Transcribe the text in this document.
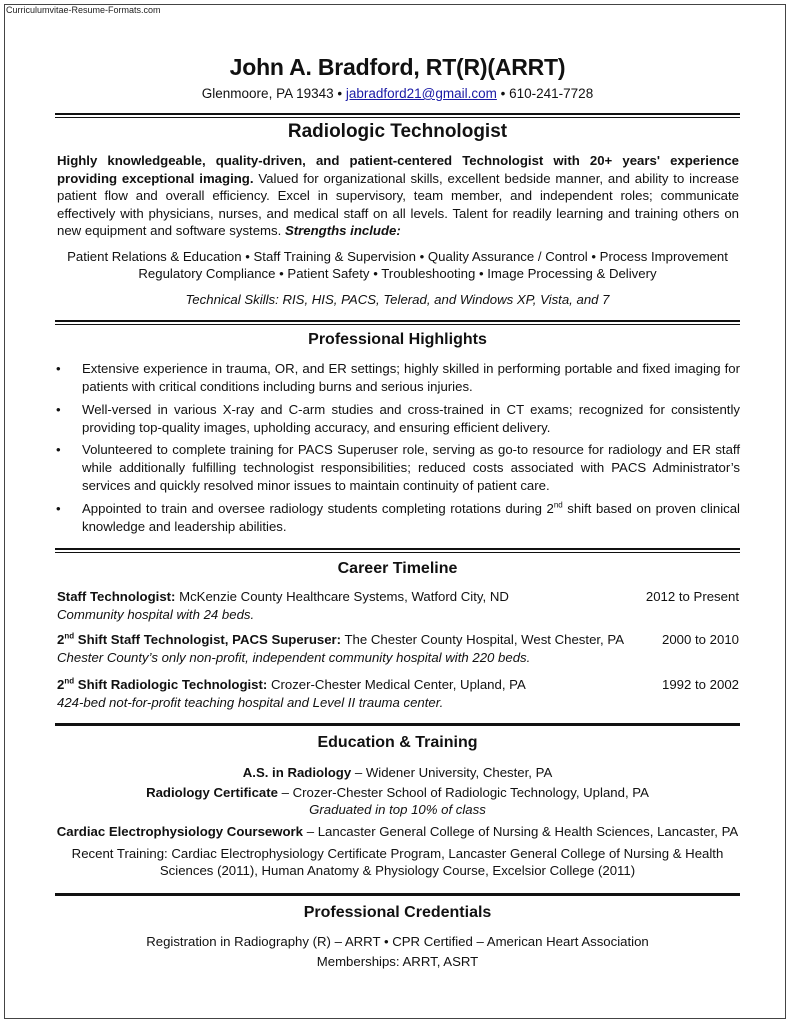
Curriculumvitae-Resume-Formats.com
John A. Bradford, RT(R)(ARRT)
Glenmoore, PA 19343 • jabradford21@gmail.com • 610-241-7728
Radiologic Technologist
Highly knowledgeable, quality-driven, and patient-centered Technologist with 20+ years' experience providing exceptional imaging. Valued for organizational skills, excellent bedside manner, and ability to increase patient flow and overall efficiency. Excel in supervisory, team member, and independent roles; communicate effectively with physicians, nurses, and medical staff on all levels. Talent for readily learning and training others on new equipment and software systems. Strengths include:
Patient Relations & Education • Staff Training & Supervision • Quality Assurance / Control • Process Improvement
Regulatory Compliance • Patient Safety • Troubleshooting • Image Processing & Delivery
Technical Skills: RIS, HIS, PACS, Telerad, and Windows XP, Vista, and 7
Professional Highlights
• Extensive experience in trauma, OR, and ER settings; highly skilled in performing portable and fixed imaging for patients with critical conditions including burns and serious injuries.
• Well-versed in various X-ray and C-arm studies and cross-trained in CT exams; recognized for consistently providing top-quality images, upholding accuracy, and ensuring efficient delivery.
• Volunteered to complete training for PACS Superuser role, serving as go-to resource for radiology and ER staff while additionally fulfilling technologist responsibilities; reduced costs associated with PACS Administrator’s services and quickly resolved minor issues to maintain continuity of patient care.
• Appointed to train and oversee radiology students completing rotations during 2nd shift based on proven clinical knowledge and leadership abilities.
Career Timeline
Staff Technologist: McKenzie County Healthcare Systems, Watford City, ND	2012 to Present
Community hospital with 24 beds.
2nd Shift Staff Technologist, PACS Superuser: The Chester County Hospital, West Chester, PA	2000 to 2010
Chester County’s only non-profit, independent community hospital with 220 beds.
2nd Shift Radiologic Technologist: Crozer-Chester Medical Center, Upland, PA	1992 to 2002
424-bed not-for-profit teaching hospital and Level II trauma center.
Education & Training
A.S. in Radiology – Widener University, Chester, PA
Radiology Certificate – Crozer-Chester School of Radiologic Technology, Upland, PA
Graduated in top 10% of class
Cardiac Electrophysiology Coursework – Lancaster General College of Nursing & Health Sciences, Lancaster, PA
Recent Training: Cardiac Electrophysiology Certificate Program, Lancaster General College of Nursing & Health
Sciences (2011), Human Anatomy & Physiology Course, Excelsior College (2011)
Professional Credentials
Registration in Radiography (R) – ARRT • CPR Certified – American Heart Association
Memberships: ARRT, ASRT
